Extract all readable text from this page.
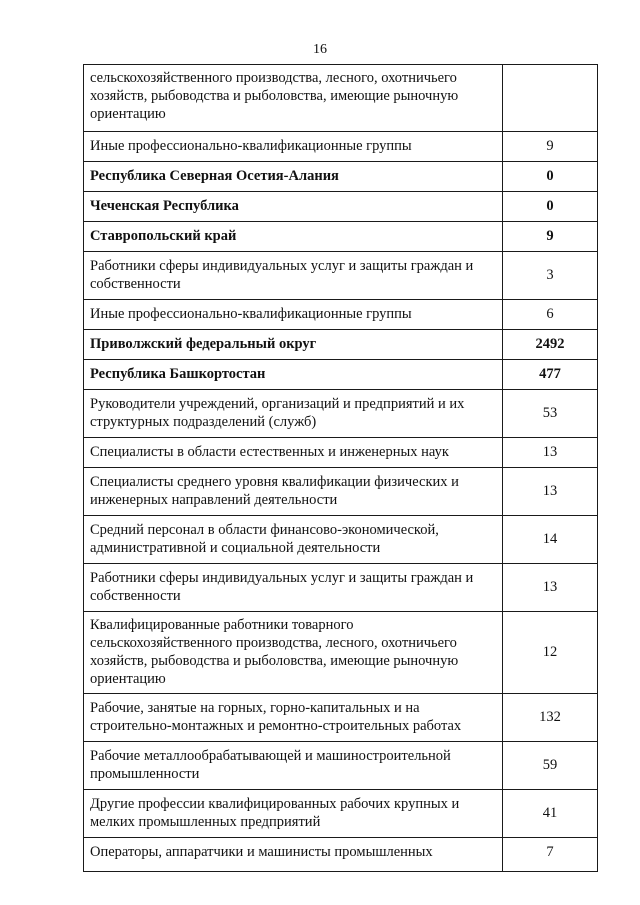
16
сельскохозяйственного производства, лесного, охотничьего хозяйств, рыбоводства и рыболовства, имеющие рыночную ориентацию	
Иные профессионально-квалификационные группы	9
Республика Северная Осетия-Алания	0
Чеченская Республика	0
Ставропольский край	9
Работники сферы индивидуальных услуг и защиты граждан и собственности	3
Иные профессионально-квалификационные группы	6
Приволжский федеральный округ	2492
Республика Башкортостан	477
Руководители учреждений, организаций и предприятий и их структурных подразделений (служб)	53
Специалисты в области естественных и инженерных наук	13
Специалисты среднего уровня квалификации физических и инженерных направлений деятельности	13
Средний персонал в области финансово-экономической, административной и социальной деятельности	14
Работники сферы индивидуальных услуг и защиты граждан и собственности	13
Квалифицированные работники товарного сельскохозяйственного производства, лесного, охотничьего хозяйств, рыбоводства и рыболовства, имеющие рыночную ориентацию	12
Рабочие, занятые на горных, горно-капитальных и на строительно-монтажных и ремонтно-строительных работах	132
Рабочие металлообрабатывающей и машиностроительной промышленности	59
Другие профессии квалифицированных рабочих крупных и мелких промышленных предприятий	41
Операторы, аппаратчики и машинисты промышленных	7
